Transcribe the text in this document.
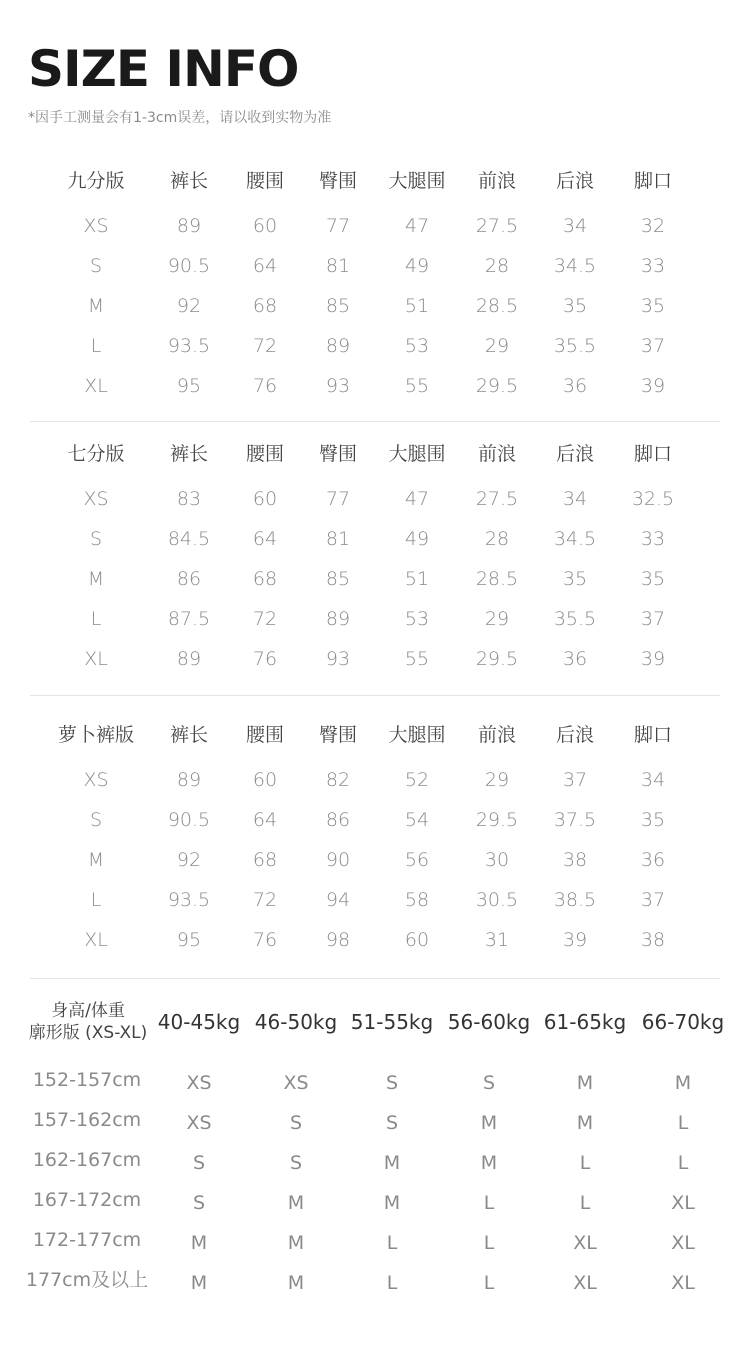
SIZE INFO
*因手工测量会有1-3cm误差，请以收到实物为准
九分版	裤长	腰围	臀围	大腿围	前浪	后浪	脚口
XS	89	60	77	47	27.5	34	32
S	90.5	64	81	49	28	34.5	33
M	92	68	85	51	28.5	35	35
L	93.5	72	89	53	29	35.5	37
XL	95	76	93	55	29.5	36	39
七分版	裤长	腰围	臀围	大腿围	前浪	后浪	脚口
XS	83	60	77	47	27.5	34	32.5
S	84.5	64	81	49	28	34.5	33
M	86	68	85	51	28.5	35	35
L	87.5	72	89	53	29	35.5	37
XL	89	76	93	55	29.5	36	39
萝卜裤版	裤长	腰围	臀围	大腿围	前浪	后浪	脚口
XS	89	60	82	52	29	37	34
S	90.5	64	86	54	29.5	37.5	35
M	92	68	90	56	30	38	36
L	93.5	72	94	58	30.5	38.5	37
XL	95	76	98	60	31	39	38
身高/体重
廓形版 (XS-XL) 40-45kg 46-50kg 51-55kg 56-60kg 61-65kg 66-70kg
152-157cm	XS	XS	S	S	M	M
157-162cm	XS	S	S	M	M	L
162-167cm	S	S	M	M	L	L
167-172cm	S	M	M	L	L	XL
172-177cm	M	M	L	L	XL	XL
177cm及以上	M	M	L	L	XL	XL
